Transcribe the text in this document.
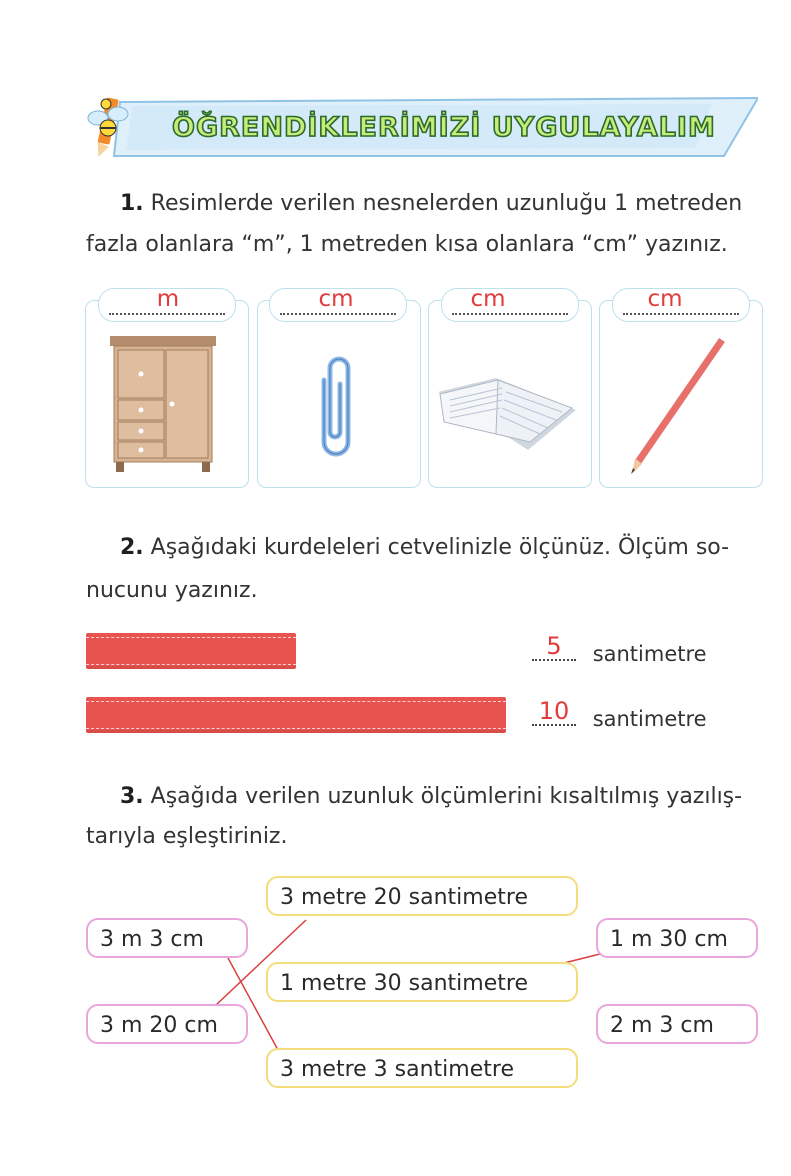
ÖĞRENDİKLERİMİZİ UYGULAYALIM
1. Resimlerde verilen nesnelerden uzunluğu 1 metreden
fazla olanlara “m”, 1 metreden kısa olanlara “cm” yazınız.
m	cm	cm	cm
2. Aşağıdaki kurdeleleri cetvelinizle ölçünüz. Ölçüm so-
nucunu yazınız.
5	santimetre
10	santimetre
3. Aşağıda verilen uzunluk ölçümlerini kısaltılmış yazılış-
tarıyla eşleştiriniz.
3 m 3 cm
3 m 20 cm
3 metre 20 santimetre
1 metre 30 santimetre
3 metre 3 santimetre
1 m 30 cm
2 m 3 cm
